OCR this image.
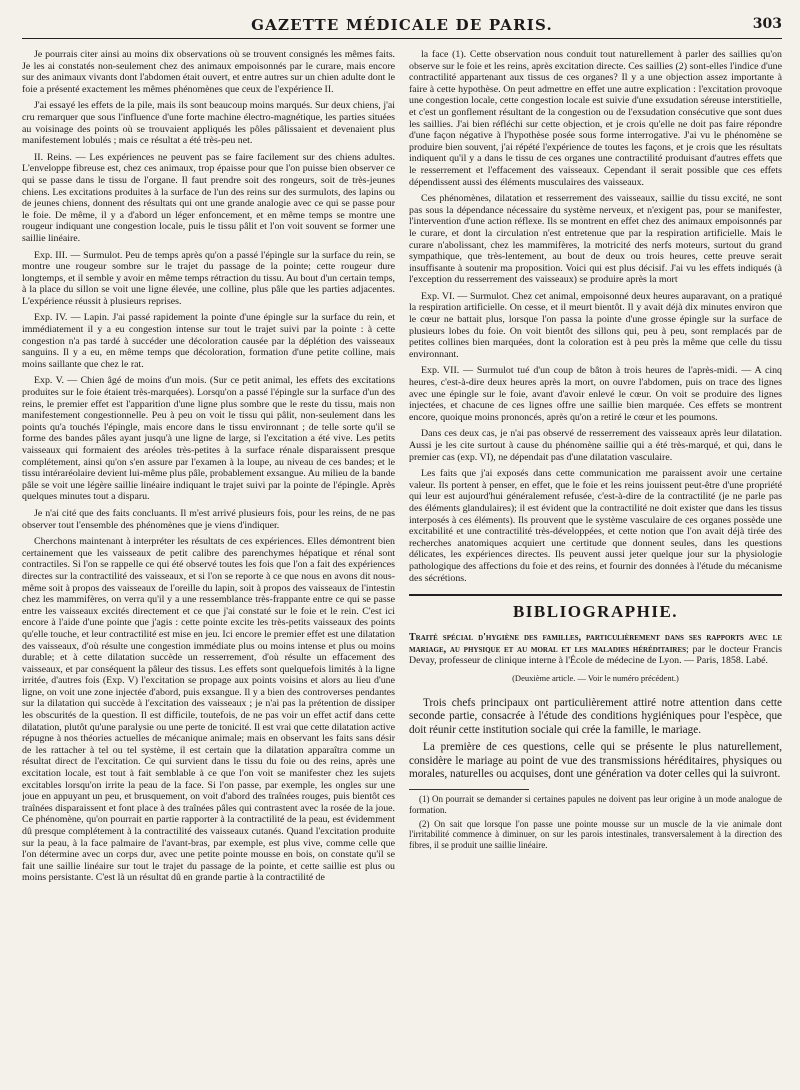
GAZETTE MÉDICALE DE PARIS.	303

Je pourrais citer ainsi au moins dix observations où se trouvent consignés les mêmes faits. Je les ai constatés non-seulement chez des animaux empoisonnés par le curare, mais encore sur des animaux vivants dont l'abdomen était ouvert, et entre autres sur un chien adulte dont le foie a présenté exactement les mêmes phénomènes que ceux de l'expérience II.

J'ai essayé les effets de la pile, mais ils sont beaucoup moins marqués. Sur deux chiens, j'ai cru remarquer que sous l'influence d'une forte machine électro-magnétique, les parties situées au voisinage des points où se trouvaient appliqués les pôles pâlissaient et devenaient plus manifestement lobulés ; mais ce résultat a été très-peu net.

II. Reins. — Les expériences ne peuvent pas se faire facilement sur des chiens adultes. L'enveloppe fibreuse est, chez ces animaux, trop épaisse pour que l'on puisse bien observer ce qui se passe dans le tissu de l'organe. Il faut prendre soit des rongeurs, soit de très-jeunes chiens. Les excitations produites à la surface de l'un des reins sur des surmulots, des lapins ou de jeunes chiens, donnent des résultats qui ont une grande analogie avec ce qui se passe pour le foie. De même, il y a d'abord un léger enfoncement, et en même temps se montre une rougeur indiquant une congestion locale, puis le tissu pâlit et l'on voit souvent se former une saillie linéaire.

Exp. III. — Surmulot. Peu de temps après qu'on a passé l'épingle sur la surface du rein, se montre une rougeur sombre sur le trajet du passage de la pointe; cette rougeur dure longtemps, et il semble y avoir en même temps rétraction du tissu. Au bout d'un certain temps, à la place du sillon se voit une ligne élevée, une colline, plus pâle que les parties adjacentes. L'expérience réussit à plusieurs reprises.

Exp. IV. — Lapin. J'ai passé rapidement la pointe d'une épingle sur la surface du rein, et immédiatement il y a eu congestion intense sur tout le trajet suivi par la pointe : à cette congestion n'a pas tardé à succéder une décoloration causée par la déplétion des vaisseaux sanguins. Il y a eu, en même temps que décoloration, formation d'une petite colline, mais moins saillante que chez le rat.

Exp. V. — Chien âgé de moins d'un mois. (Sur ce petit animal, les effets des excitations produites sur le foie étaient très-marquées). Lorsqu'on a passé l'épingle sur la surface d'un des reins, le premier effet est l'apparition d'une ligne plus sombre que le reste du tissu, mais non manifestement congestionnelle. Peu à peu on voit le tissu qui pâlit, non-seulement dans les points qu'a touchés l'épingle, mais encore dans le tissu environnant ; de telle sorte qu'il se forme des bandes pâles ayant jusqu'à une ligne de large, si l'excitation a été vive. Les petits vaisseaux qui formaient des aréoles très-petites à la surface rénale disparaissent presque complétement, ainsi qu'on s'en assure par l'examen à la loupe, au niveau de ces bandes; et le tissu intéraréolaire devient lui-même plus pâle, probablement exsangue. Au milieu de la bande pâle se voit une légère saillie linéaire indiquant le trajet suivi par la pointe de l'épingle. Après quelques minutes tout a disparu.

Je n'ai cité que des faits concluants. Il m'est arrivé plusieurs fois, pour les reins, de ne pas observer tout l'ensemble des phénomènes que je viens d'indiquer.

Cherchons maintenant à interpréter les résultats de ces expériences. Elles démontrent bien certainement que les vaisseaux de petit calibre des parenchymes hépatique et rénal sont contractiles. Si l'on se rappelle ce qui été observé toutes les fois que l'on a fait des expériences directes sur la contractilité des vaisseaux, et si l'on se reporte à ce que nous en avons dit nous-même soit à propos des vaisseaux de l'oreille du lapin, soit à propos des vaisseaux de l'intestin chez les mammifères, on verra qu'il y a une ressemblance très-frappante entre ce qui se passe entre les vaisseaux excités directement et ce que j'ai constaté sur le foie et le rein. C'est ici encore à l'aide d'une pointe que j'agis : cette pointe excite les très-petits vaisseaux des points qu'elle touche, et leur contractilité est mise en jeu. Ici encore le premier effet est une dilatation des vaisseaux, d'où résulte une congestion immédiate plus ou moins intense et plus ou moins durable; et à cette dilatation succède un resserrement, d'où résulte un effacement des vaisseaux, et par conséquent la pâleur des tissus. Les effets sont quelquefois limités à la ligne irritée, d'autres fois (Exp. V) l'excitation se propage aux points voisins et alors au lieu d'une ligne, on voit une zone injectée d'abord, puis exsangue. Il y a bien des controverses pendantes sur la dilatation qui succède à l'excitation des vaisseaux ; je n'ai pas la prétention de dissiper les obscurités de la question. Il est difficile, toutefois, de ne pas voir un effet actif dans cette dilatation, plutôt qu'une paralysie ou une perte de tonicité. Il est vrai que cette dilatation active répugne à nos théories actuelles de mécanique animale; mais en observant les faits sans désir de les rattacher à tel ou tel système, il est certain que la dilatation apparaîtra comme un résultat direct de l'excitation. Ce qui survient dans le tissu du foie ou des reins, après une excitation locale, est tout à fait semblable à ce que l'on voit se manifester chez les sujets excitables lorsqu'on irrite la peau de la face. Si l'on passe, par exemple, les ongles sur une joue en appuyant un peu, et brusquement, on voit d'abord des traînées rouges, puis bientôt ces traînées disparaissent et font place à des traînées pâles qui contrastent avec la rosée de la joue. Ce phénomène, qu'on pourrait en partie rapporter à la contractilité de la peau, est évidemment dû presque complétement à la contractilité des vaisseaux cutanés. Quand l'excitation produite sur la peau, à la face palmaire de l'avant-bras, par exemple, est plus vive, comme celle que l'on détermine avec un corps dur, avec une petite pointe mousse en bois, on constate qu'il se fait une saillie linéaire sur tout le trajet du passage de la pointe, et cette saillie est plus ou moins persistante. C'est là un résultat dû en grande partie à la contractilité de

la face (1). Cette observation nous conduit tout naturellement à parler des saillies qu'on observe sur le foie et les reins, après excitation directe. Ces saillies (2) sont-elles l'indice d'une contractilité appartenant aux tissus de ces organes? Il y a une objection assez importante à faire à cette hypothèse. On peut admettre en effet une autre explication : l'excitation provoque une congestion locale, cette congestion locale est suivie d'une exsudation séreuse interstitielle, et c'est un gonflement résultant de la congestion ou de l'exsudation consécutive que sont dues les saillies. J'ai bien réfléchi sur cette objection, et je crois qu'elle ne doit pas faire répondre d'une façon négative à l'hypothèse posée sous forme interrogative. J'ai vu le phénomène se produire bien souvent, j'ai répété l'expérience de toutes les façons, et je crois que les résultats indiquent qu'il y a dans le tissu de ces organes une contractilité produisant d'autres effets que le resserrement et l'effacement des vaisseaux. Cependant il serait possible que ces effets dépendissent aussi des éléments musculaires des vaisseaux.

Ces phénomènes, dilatation et resserrement des vaisseaux, saillie du tissu excité, ne sont pas sous la dépendance nécessaire du système nerveux, et n'exigent pas, pour se manifester, l'intervention d'une action réflexe. Ils se montrent en effet chez des animaux empoisonnés par le curare, et dont la circulation n'est entretenue que par la respiration artificielle. Mais le curare n'abolissant, chez les mammifères, la motricité des nerfs moteurs, surtout du grand sympathique, que très-lentement, au bout de deux ou trois heures, cette preuve serait insuffisante à soutenir ma proposition. Voici qui est plus décisif. J'ai vu les effets indiqués (à l'exception du resserrement des vaisseaux) se produire après la mort

Exp. VI. — Surmulot. Chez cet animal, empoisonné deux heures auparavant, on a pratiqué la respiration artificielle. On cesse, et il meurt bientôt. Il y avait déjà dix minutes environ que le cœur ne battait plus, lorsque l'on passa la pointe d'une grosse épingle sur la surface de plusieurs lobes du foie. On voit bientôt des sillons qui, peu à peu, sont remplacés par de petites collines bien marquées, dont la coloration est à peu près la même que celle du tissu environnant.

Exp. VII. — Surmulot tué d'un coup de bâton à trois heures de l'après-midi. — A cinq heures, c'est-à-dire deux heures après la mort, on ouvre l'abdomen, puis on trace des lignes avec une épingle sur le foie, avant d'avoir enlevé le cœur. On voit se produire des lignes injectées, et chacune de ces lignes offre une saillie bien marquée. Ces effets se montrent encore, quoique moins prononcés, après qu'on a retiré le cœur et les poumons.

Dans ces deux cas, je n'ai pas observé de resserrement des vaisseaux après leur dilatation. Aussi je les cite surtout à cause du phénomène saillie qui a été très-marqué, et qui, dans le premier cas (exp. VI), ne dépendait pas d'une dilatation vasculaire.

Les faits que j'ai exposés dans cette communication me paraissent avoir une certaine valeur. Ils portent à penser, en effet, que le foie et les reins jouissent peut-être d'une propriété qui leur est aujourd'hui généralement refusée, c'est-à-dire de la contractilité (je ne parle pas des éléments glandulaires); il est évident que la contractilité ne doit exister que dans les tissus interposés à ces éléments). Ils prouvent que le système vasculaire de ces organes possède une excitabilité et une contractilité très-développées, et cette notion que l'on avait déjà tirée des recherches anatomiques acquiert une certitude que donnent seules, dans les questions délicates, les expériences directes. Ils peuvent aussi jeter quelque jour sur la physiologie pathologique des affections du foie et des reins, et fournir des données à l'étude du mécanisme des sécrétions.

BIBLIOGRAPHIE.

Traité spécial d'hygiène des familles, particulièrement dans ses rapports avec le mariage, au physique et au moral et les maladies héréditaires; par le docteur Francis Devay, professeur de clinique interne à l'École de médecine de Lyon. — Paris, 1858. Labé.

(Deuxième article. — Voir le numéro précédent.)

Trois chefs principaux ont particulièrement attiré notre attention dans cette seconde partie, consacrée à l'étude des conditions hygiéniques pour l'espèce, que doit réunir cette institution sociale qui crée la famille, le mariage.

La première de ces questions, celle qui se présente le plus naturellement, considère le mariage au point de vue des transmissions héréditaires, physiques ou morales, naturelles ou acquises, dont une génération va doter celles qui la suivront.

(1) On pourrait se demander si certaines papules ne doivent pas leur origine à un mode analogue de formation.

(2) On sait que lorsque l'on passe une pointe mousse sur un muscle de la vie animale dont l'irritabilité commence à diminuer, on sur les parois intestinales, transversalement à la direction des fibres, il se produit une saillie linéaire.
